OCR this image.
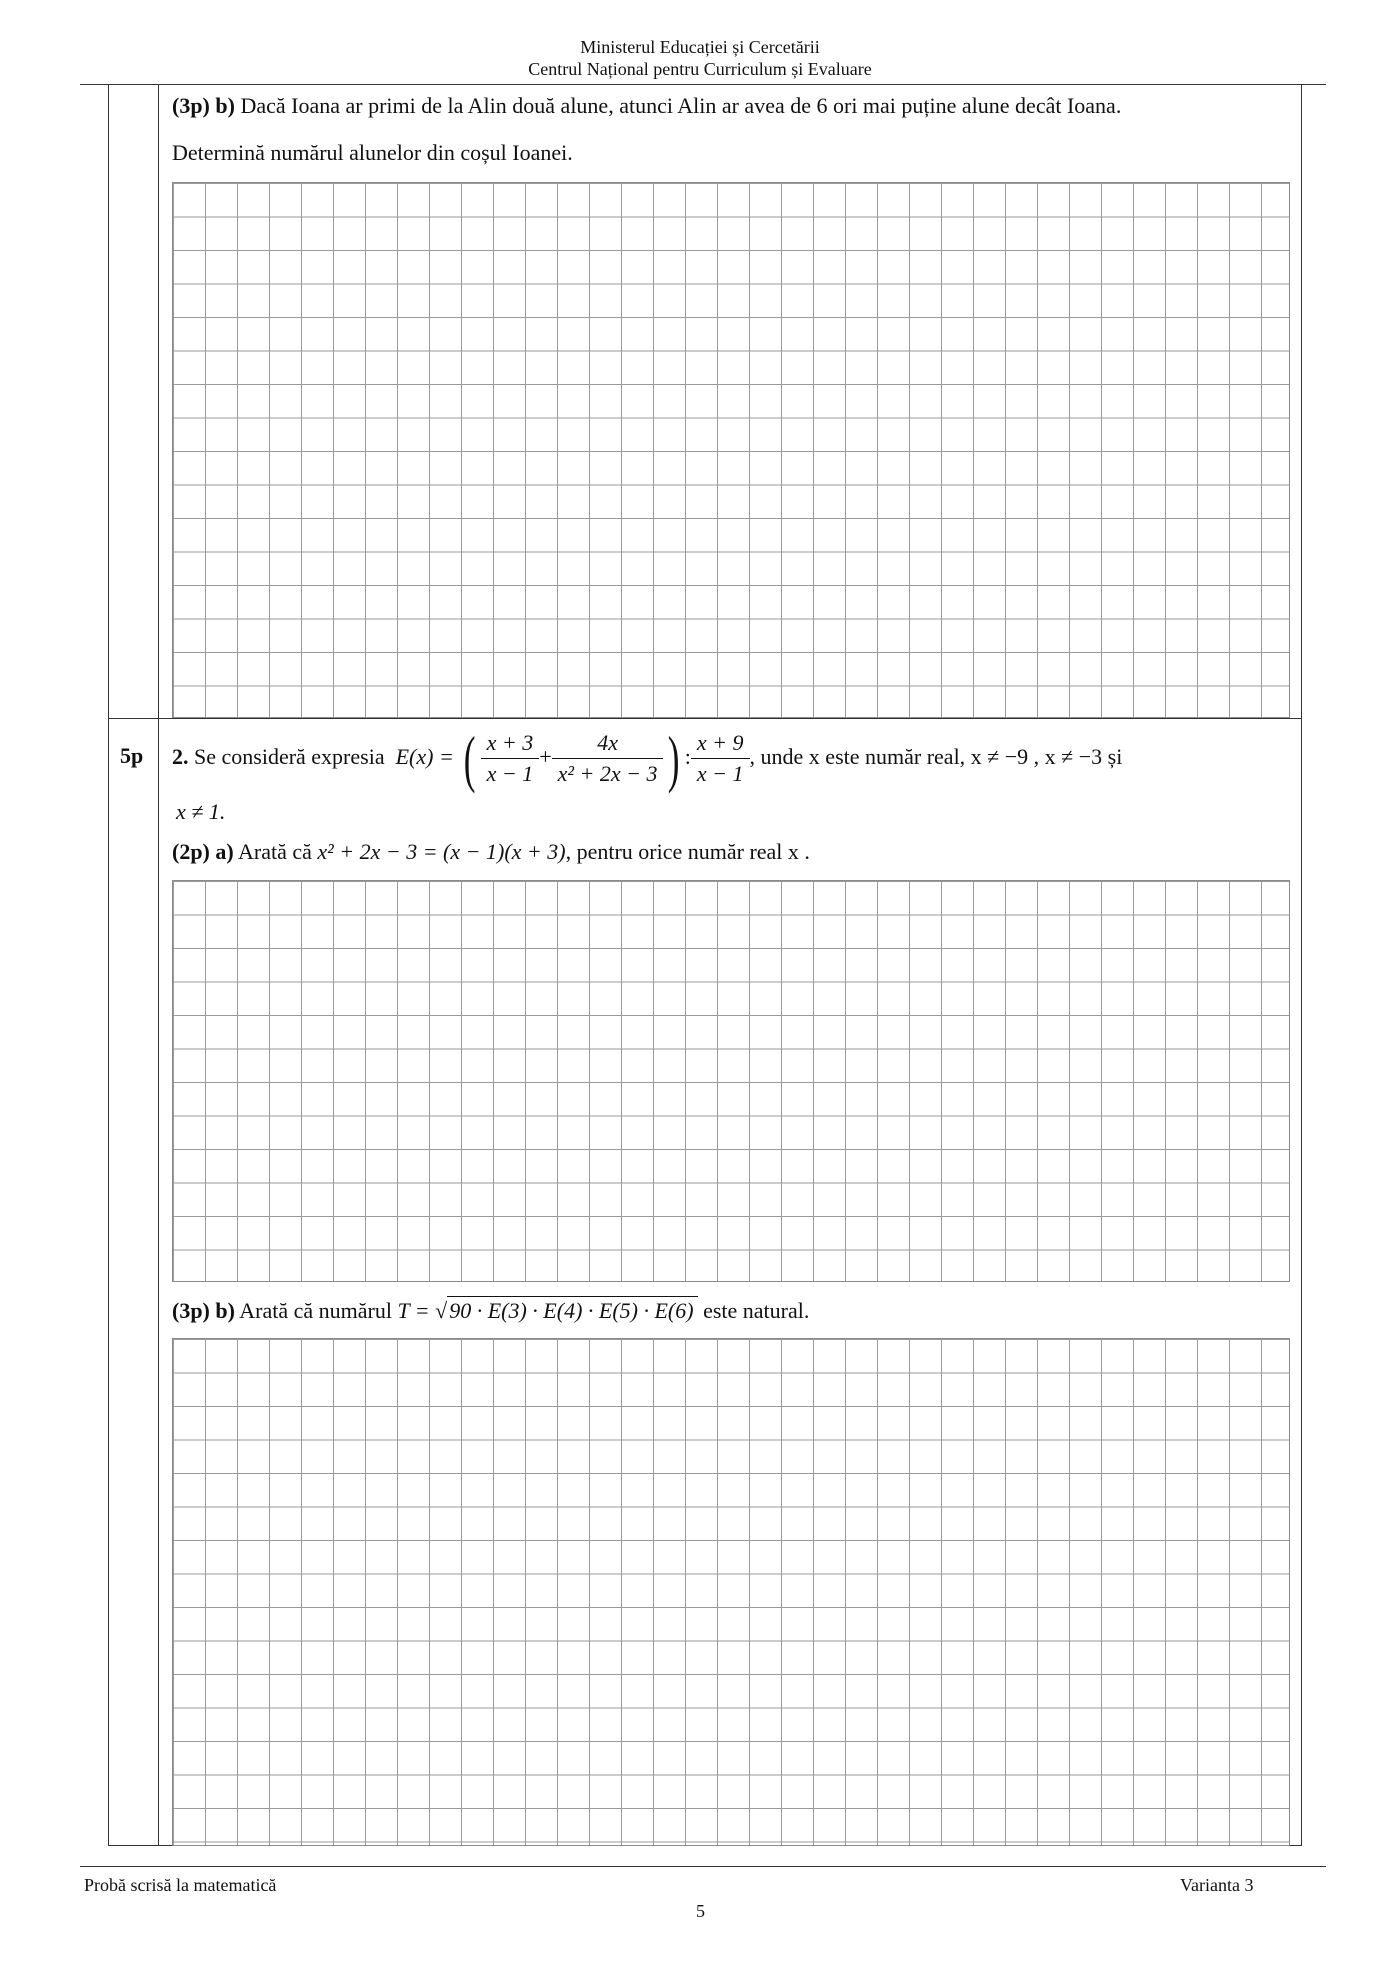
Ministerul Educației și Cercetării
Centrul Național pentru Curriculum și Evaluare
(3p) b) Dacă Ioana ar primi de la Alin două alune, atunci Alin ar avea de 6 ori mai puține alune decât Ioana.
Determină numărul alunelor din coșul Ioanei.
5p 2. Se consideră expresia E(x) = ( $\frac{x + 3}{x - 1} + \frac{4x}{\text{x² + 2x − 3}}$ ) : $\frac{x + 9}{x - 1}$ , unde x este număr real, x ≠ −9 , x ≠ −3 și
x ≠ 1.
(2p) a) Arată că x² + 2x − 3 = (x − 1)(x + 3), pentru orice număr real x .
(3p) b) Arată că numărul T = √90 · E(3) · E(4) · E(5) · E(6) este natural.
Probă scrisă la matematică	Varianta 3
5
